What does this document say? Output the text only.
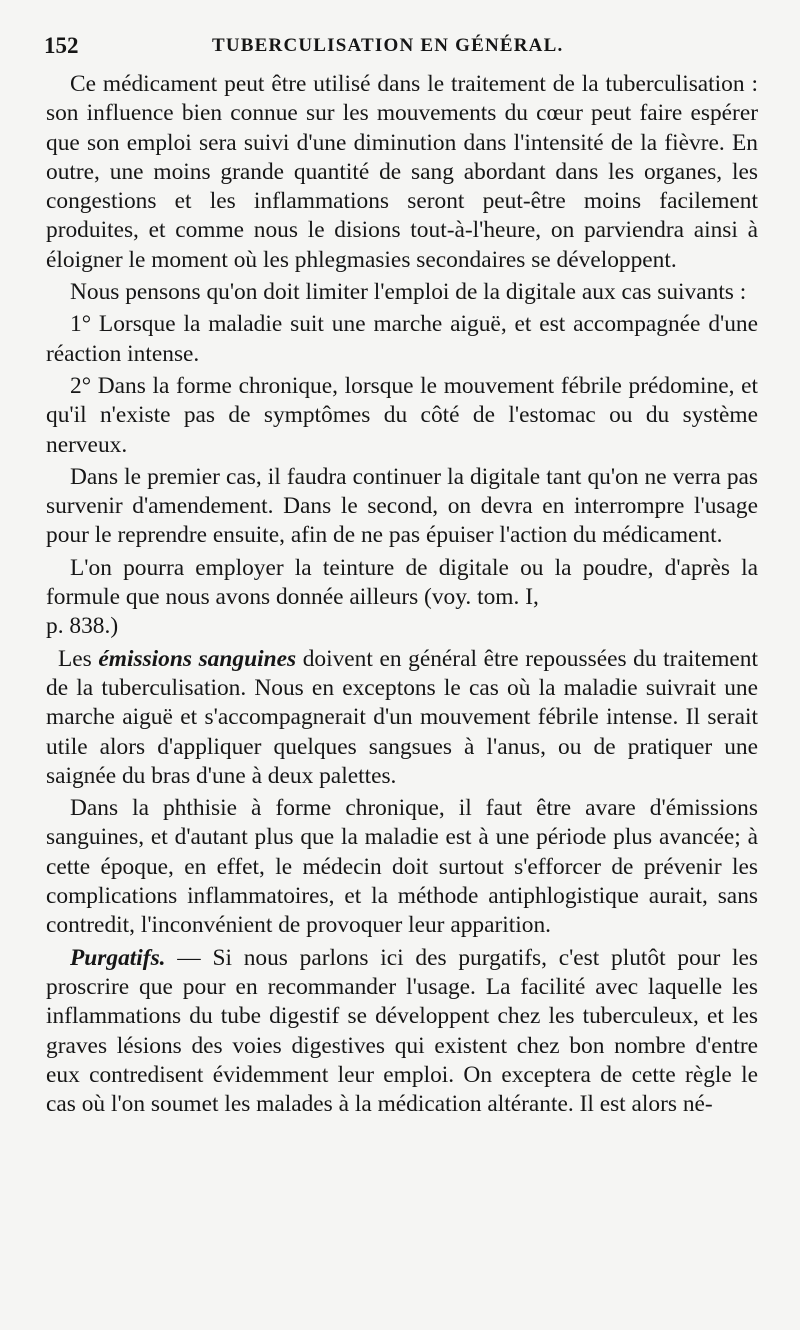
152	TUBERCULISATION EN GÉNÉRAL.

Ce médicament peut être utilisé dans le traitement de la tuberculisation : son influence bien connue sur les mouvements du cœur peut faire espérer que son emploi sera suivi d'une diminution dans l'intensité de la fièvre. En outre, une moins grande quantité de sang abordant dans les organes, les congestions et les inflammations seront peut-être moins facilement produites, et comme nous le disions tout-à-l'heure, on parviendra ainsi à éloigner le moment où les phlegmasies secondaires se développent.

Nous pensons qu'on doit limiter l'emploi de la digitale aux cas suivants :

1° Lorsque la maladie suit une marche aiguë, et est accompagnée d'une réaction intense.

2° Dans la forme chronique, lorsque le mouvement fébrile prédomine, et qu'il n'existe pas de symptômes du côté de l'estomac ou du système nerveux.

Dans le premier cas, il faudra continuer la digitale tant qu'on ne verra pas survenir d'amendement. Dans le second, on devra en interrompre l'usage pour le reprendre ensuite, afin de ne pas épuiser l'action du médicament.

L'on pourra employer la teinture de digitale ou la poudre, d'après la formule que nous avons donnée ailleurs (voy. tom. I,
p. 838.)

Les émissions sanguines doivent en général être repoussées du traitement de la tuberculisation. Nous en exceptons le cas où la maladie suivrait une marche aiguë et s'accompagnerait d'un mouvement fébrile intense. Il serait utile alors d'appliquer quelques sangsues à l'anus, ou de pratiquer une saignée du bras d'une à deux palettes.

Dans la phthisie à forme chronique, il faut être avare d'émissions sanguines, et d'autant plus que la maladie est à une période plus avancée; à cette époque, en effet, le médecin doit surtout s'efforcer de prévenir les complications inflammatoires, et la méthode antiphlogistique aurait, sans contredit, l'inconvénient de provoquer leur apparition.

Purgatifs. — Si nous parlons ici des purgatifs, c'est plutôt pour les proscrire que pour en recommander l'usage. La facilité avec laquelle les inflammations du tube digestif se développent chez les tuberculeux, et les graves lésions des voies digestives qui existent chez bon nombre d'entre eux contredisent évidemment leur emploi. On exceptera de cette règle le cas où l'on soumet les malades à la médication altérante. Il est alors né-
